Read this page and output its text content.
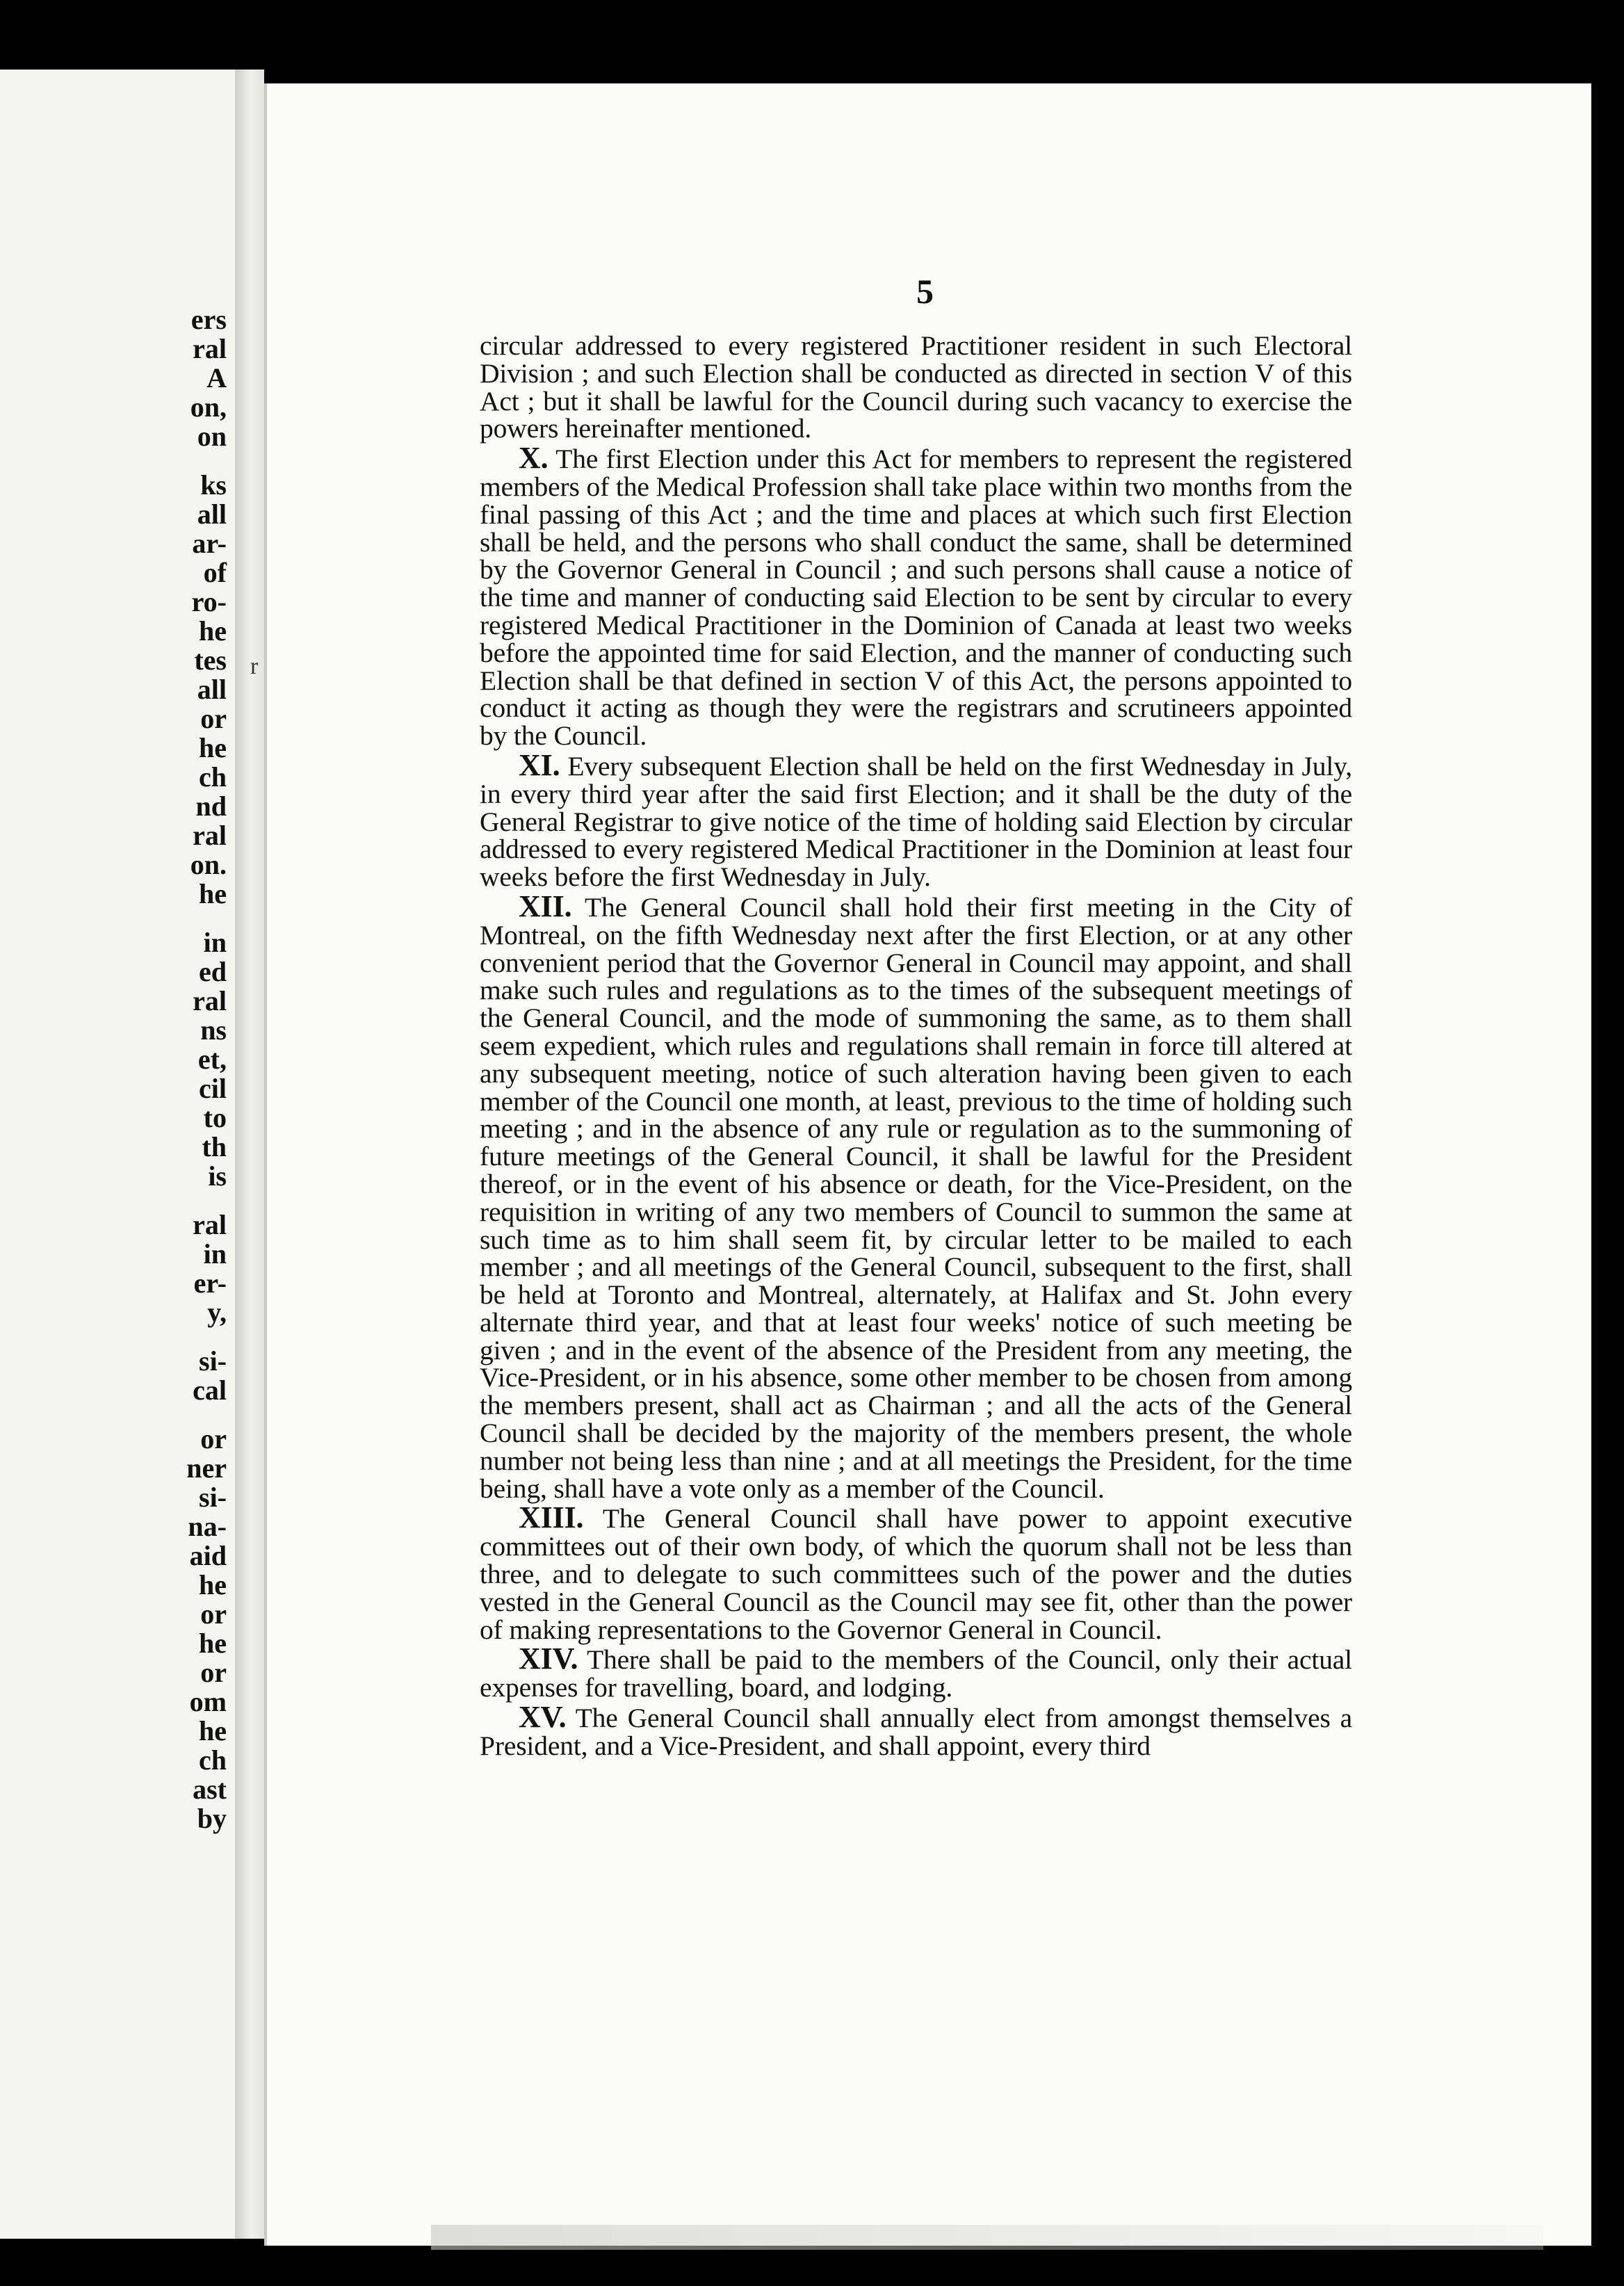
ers
ral
A
on,
on
ks
all
ar-
of
ro-
he
tes
all
or
he
ch
nd
ral
on.
he
in
ed
ral
ns
et,
cil
to
th
is
ral
in
er-
y,
si-
cal
or
ner
si-
na-
aid
he
or
he
or
om
he
ch
ast
by
r
5

circular addressed to every registered Practitioner resident in such Electoral Division ; and such Election shall be conducted as directed in section V of this Act ; but it shall be lawful for the Council during such vacancy to exercise the powers hereinafter mentioned.

X. The first Election under this Act for members to represent the registered members of the Medical Profession shall take place within two months from the final passing of this Act ; and the time and places at which such first Election shall be held, and the persons who shall conduct the same, shall be determined by the Governor General in Council ; and such persons shall cause a notice of the time and manner of conducting said Election to be sent by circular to every registered Medical Practitioner in the Dominion of Canada at least two weeks before the appointed time for said Election, and the manner of conducting such Election shall be that defined in section V of this Act, the persons appointed to conduct it acting as though they were the registrars and scrutineers appointed by the Council.

XI. Every subsequent Election shall be held on the first Wednesday in July, in every third year after the said first Election; and it shall be the duty of the General Registrar to give notice of the time of holding said Election by circular addressed to every registered Medical Practitioner in the Dominion at least four weeks before the first Wednesday in July.

XII. The General Council shall hold their first meeting in the City of Montreal, on the fifth Wednesday next after the first Election, or at any other convenient period that the Governor General in Council may appoint, and shall make such rules and regulations as to the times of the subsequent meetings of the General Council, and the mode of summoning the same, as to them shall seem expedient, which rules and regulations shall remain in force till altered at any subsequent meeting, notice of such alteration having been given to each member of the Council one month, at least, previous to the time of holding such meeting ; and in the absence of any rule or regulation as to the summoning of future meetings of the General Council, it shall be lawful for the President thereof, or in the event of his absence or death, for the Vice-President, on the requisition in writing of any two members of Council to summon the same at such time as to him shall seem fit, by circular letter to be mailed to each member ; and all meetings of the General Council, subsequent to the first, shall be held at Toronto and Montreal, alternately, at Halifax and St. John every alternate third year, and that at least four weeks' notice of such meeting be given ; and in the event of the absence of the President from any meeting, the Vice-President, or in his absence, some other member to be chosen from among the members present, shall act as Chairman ; and all the acts of the General Council shall be decided by the majority of the members present, the whole number not being less than nine ; and at all meetings the President, for the time being, shall have a vote only as a member of the Council.

XIII. The General Council shall have power to appoint executive committees out of their own body, of which the quorum shall not be less than three, and to delegate to such committees such of the power and the duties vested in the General Council as the Council may see fit, other than the power of making representations to the Governor General in Council.

XIV. There shall be paid to the members of the Council, only their actual expenses for travelling, board, and lodging.

XV. The General Council shall annually elect from amongst themselves a President, and a Vice-President, and shall appoint, every third
